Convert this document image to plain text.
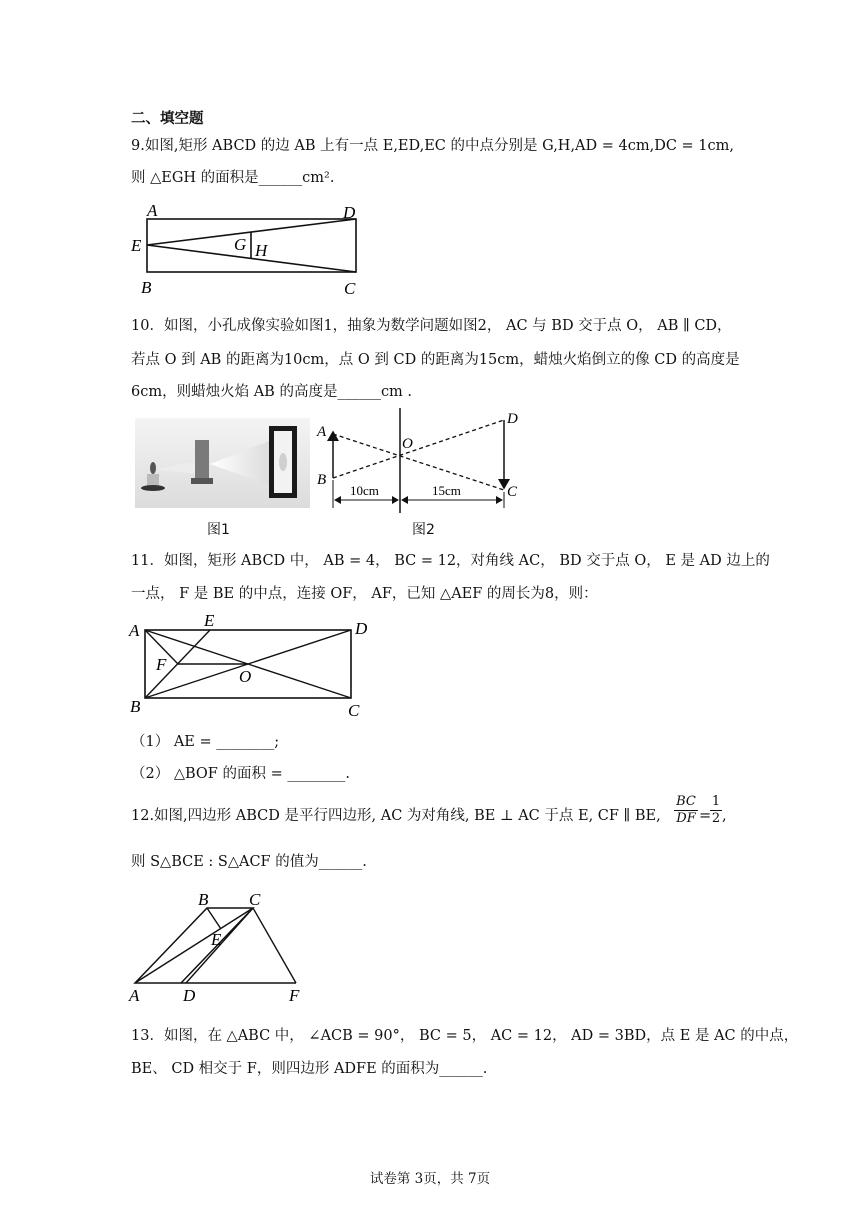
二、填空题
9.如图,矩形 ABCD 的边 AB 上有一点 E,ED,EC 的中点分别是 G,H,AD = 4cm,DC = 1cm,
则 △EGH 的面积是______cm².
A	D
E	G H
B	C
10．如图，小孔成像实验如图1，抽象为数学问题如图2， AC 与 BD 交于点 O， AB ∥ CD，
若点 O 到 AB 的距离为10cm，点 O 到 CD 的距离为15cm，蜡烛火焰倒立的像 CD 的高度是
6cm，则蜡烛火焰 AB 的高度是______cm .
图1
A
B
O
D
C
10cm	15cm
图2
11．如图，矩形 ABCD 中， AB = 4， BC = 12，对角线 AC， BD 交于点 O， E 是 AD 边上的
一点， F 是 BE 的中点，连接 OF， AF，已知 △AEF 的周长为8，则：
A
E	D
F
O
B	C
（1） AE = ________;
（2） △BOF 的面积 = ________.
12.如图,四边形 ABCD 是平行四边形, AC 为对角线, BE ⊥ AC 于点 E, CF ∥ BE, $\frac{BC}{DF}$ =
$\frac{1}{2}$ ,
则 S△BCE : S△ACF 的值为______.
B C
E
A	D	F
13．如图，在 △ABC 中， ∠ACB = 90°， BC = 5， AC = 12， AD = 3BD，点 E 是 AC 的中点，
BE、 CD 相交于 F，则四边形 ADFE 的面积为______.
试卷第 3页，共 7页
